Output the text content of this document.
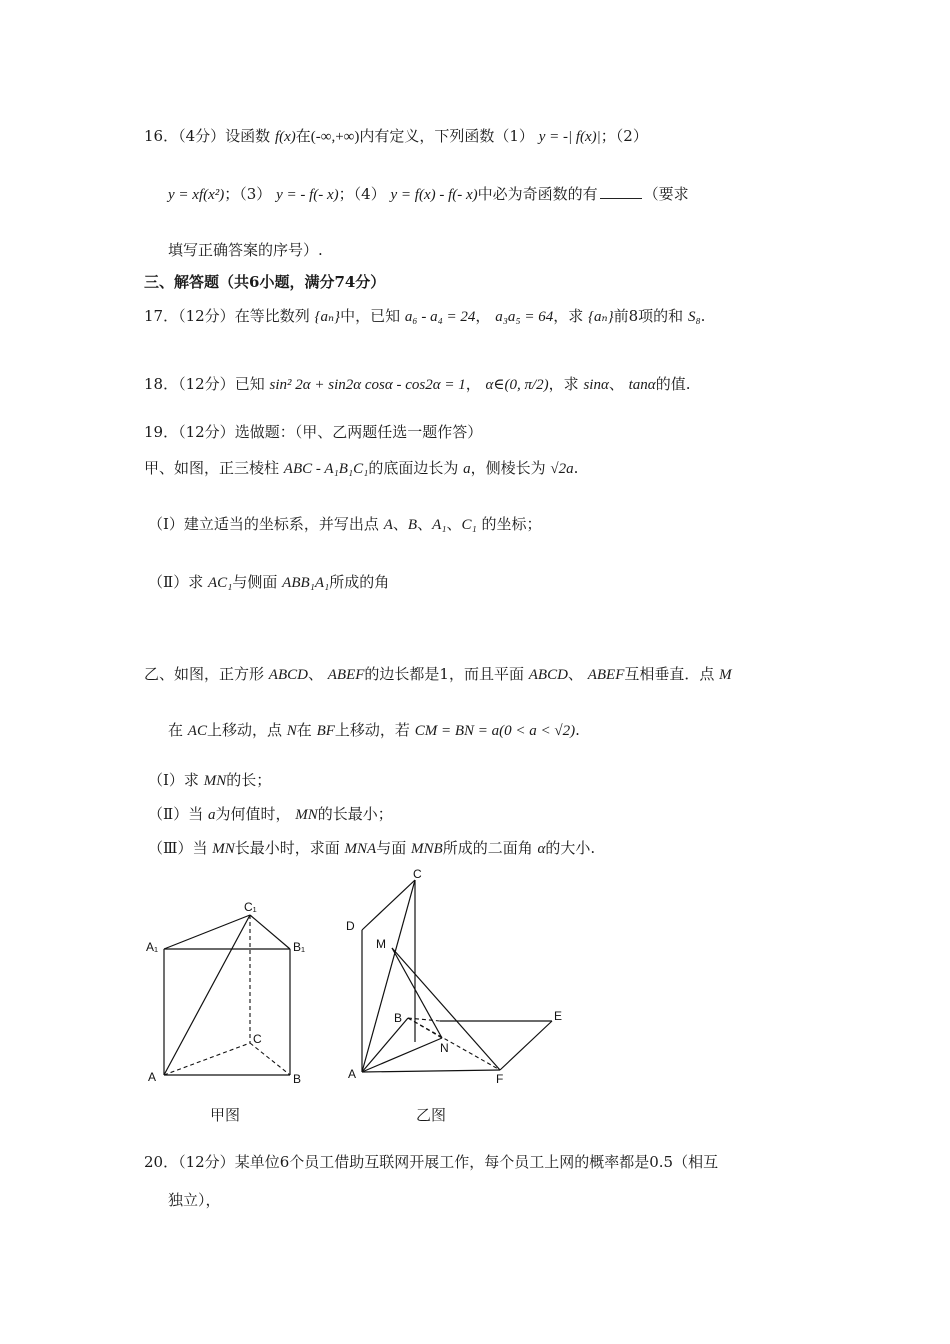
16．（4分）设函数 f(x)在(-∞,+∞)内有定义，下列函数（1） y = -| f(x)|；（2）
y = xf(x²)；（3） y = - f(- x)；（4） y = f(x) - f(- x)中必为奇函数的有	（要求
填写正确答案的序号）.
三、解答题（共6小题，满分74分）
17．（12分）在等比数列 {aₙ}中，已知 a₆ - a₄ = 24， a₃a₅ = 64，求 {aₙ}前8项的和 S₈.
18．（12分）已知 sin² 2α + sin2α cosα - cos2α = 1， α∈(0, π/2)，求 sinα、 tanα的值.
19．（12分）选做题：（甲、乙两题任选一题作答）
甲、如图，正三棱柱 ABC - A₁B₁C₁的底面边长为 a，侧棱长为 √2a.
（Ⅰ）建立适当的坐标系，并写出点 A、B、A₁、C₁ 的坐标；
（Ⅱ）求 AC₁与侧面 ABB₁A₁所成的角
乙、如图，正方形 ABCD、 ABEF的边长都是1，而且平面 ABCD、 ABEF互相垂直．点 M
在 AC上移动，点 N在 BF上移动，若 CM = BN = a(0 < a < √2).
（Ⅰ）求 MN的长；
（Ⅱ）当 a为何值时， MN的长最小；
（Ⅲ）当 MN长最小时，求面 MNA与面 MNB所成的二面角 α的大小.
C₁
A₁	B₁
C
A	B
甲图
C
D
M
B	E
N
A	F
乙图
20．（12分）某单位6个员工借助互联网开展工作，每个员工上网的概率都是0.5（相互
独立），
